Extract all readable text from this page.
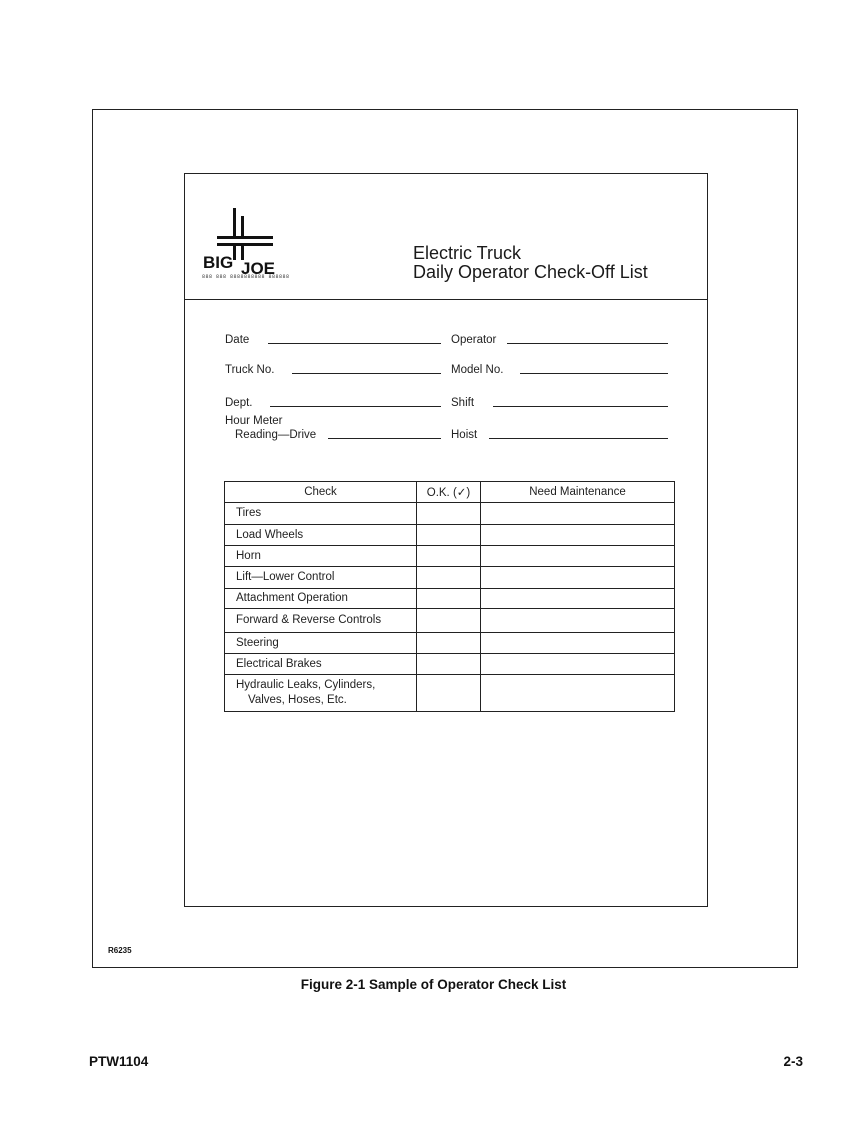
BIG JOE
888 888 8888888888 888888
Electric Truck
Daily Operator Check-Off List
Date	Operator
Truck No.	Model No.
Dept.	Shift
Hour Meter
Reading—Drive	Hoist
Check	O.K. (✓)	Need Maintenance
Tires		
Load Wheels		
Horn		
Lift—Lower Control		
Attachment Operation		
Forward & Reverse Controls		
Steering		
Electrical Brakes		

Hydraulic Leaks, Cylinders,
Valves, Hoses, Etc.		

R6235
Figure 2-1 Sample of Operator Check List
PTW1104	2-3
